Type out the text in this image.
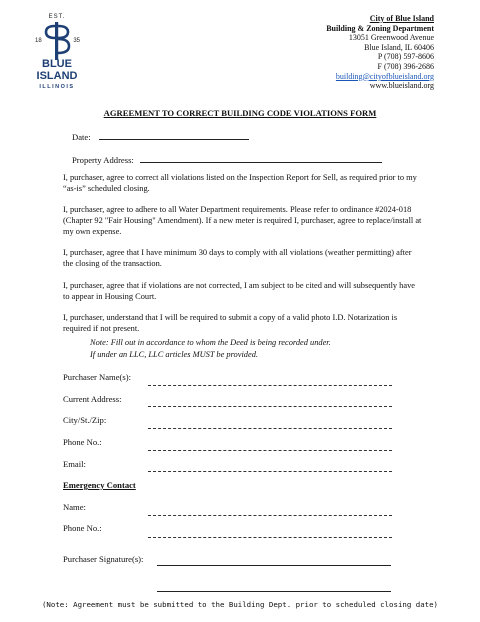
EST.
18	35
BLUE
ISLAND
ILLINOIS
City of Blue Island
Building & Zoning Department
13051 Greenwood Avenue
Blue Island, IL 60406
P (708) 597-8606
F (708) 396-2686
building@cityofblueisland.org
www.blueisland.org
AGREEMENT TO CORRECT BUILDING CODE VIOLATIONS FORM
Date:
Property Address:
I, purchaser, agree to correct all violations listed on the Inspection Report for Sell, as required prior to my “as-is” scheduled closing.
I, purchaser, agree to adhere to all Water Department requirements. Please refer to ordinance #2024-018 (Chapter 92 "Fair Housing" Amendment). If a new meter is required I, purchaser, agree to replace/install at my own expense.
I, purchaser, agree that I have minimum 30 days to comply with all violations (weather permitting) after the closing of the transaction.
I, purchaser, agree that if violations are not corrected, I am subject to be cited and will subsequently have to appear in Housing Court.
I, purchaser, understand that I will be required to submit a copy of a valid photo I.D. Notarization is required if not present.
Note: Fill out in accordance to whom the Deed is being recorded under.
If under an LLC, LLC articles MUST be provided.
Purchaser Name(s):
Current Address:
City/St./Zip:
Phone No.:
Email:
Emergency Contact
Name:
Phone No.:
Purchaser Signature(s):
(Note: Agreement must be submitted to the Building Dept. prior to scheduled closing date)
